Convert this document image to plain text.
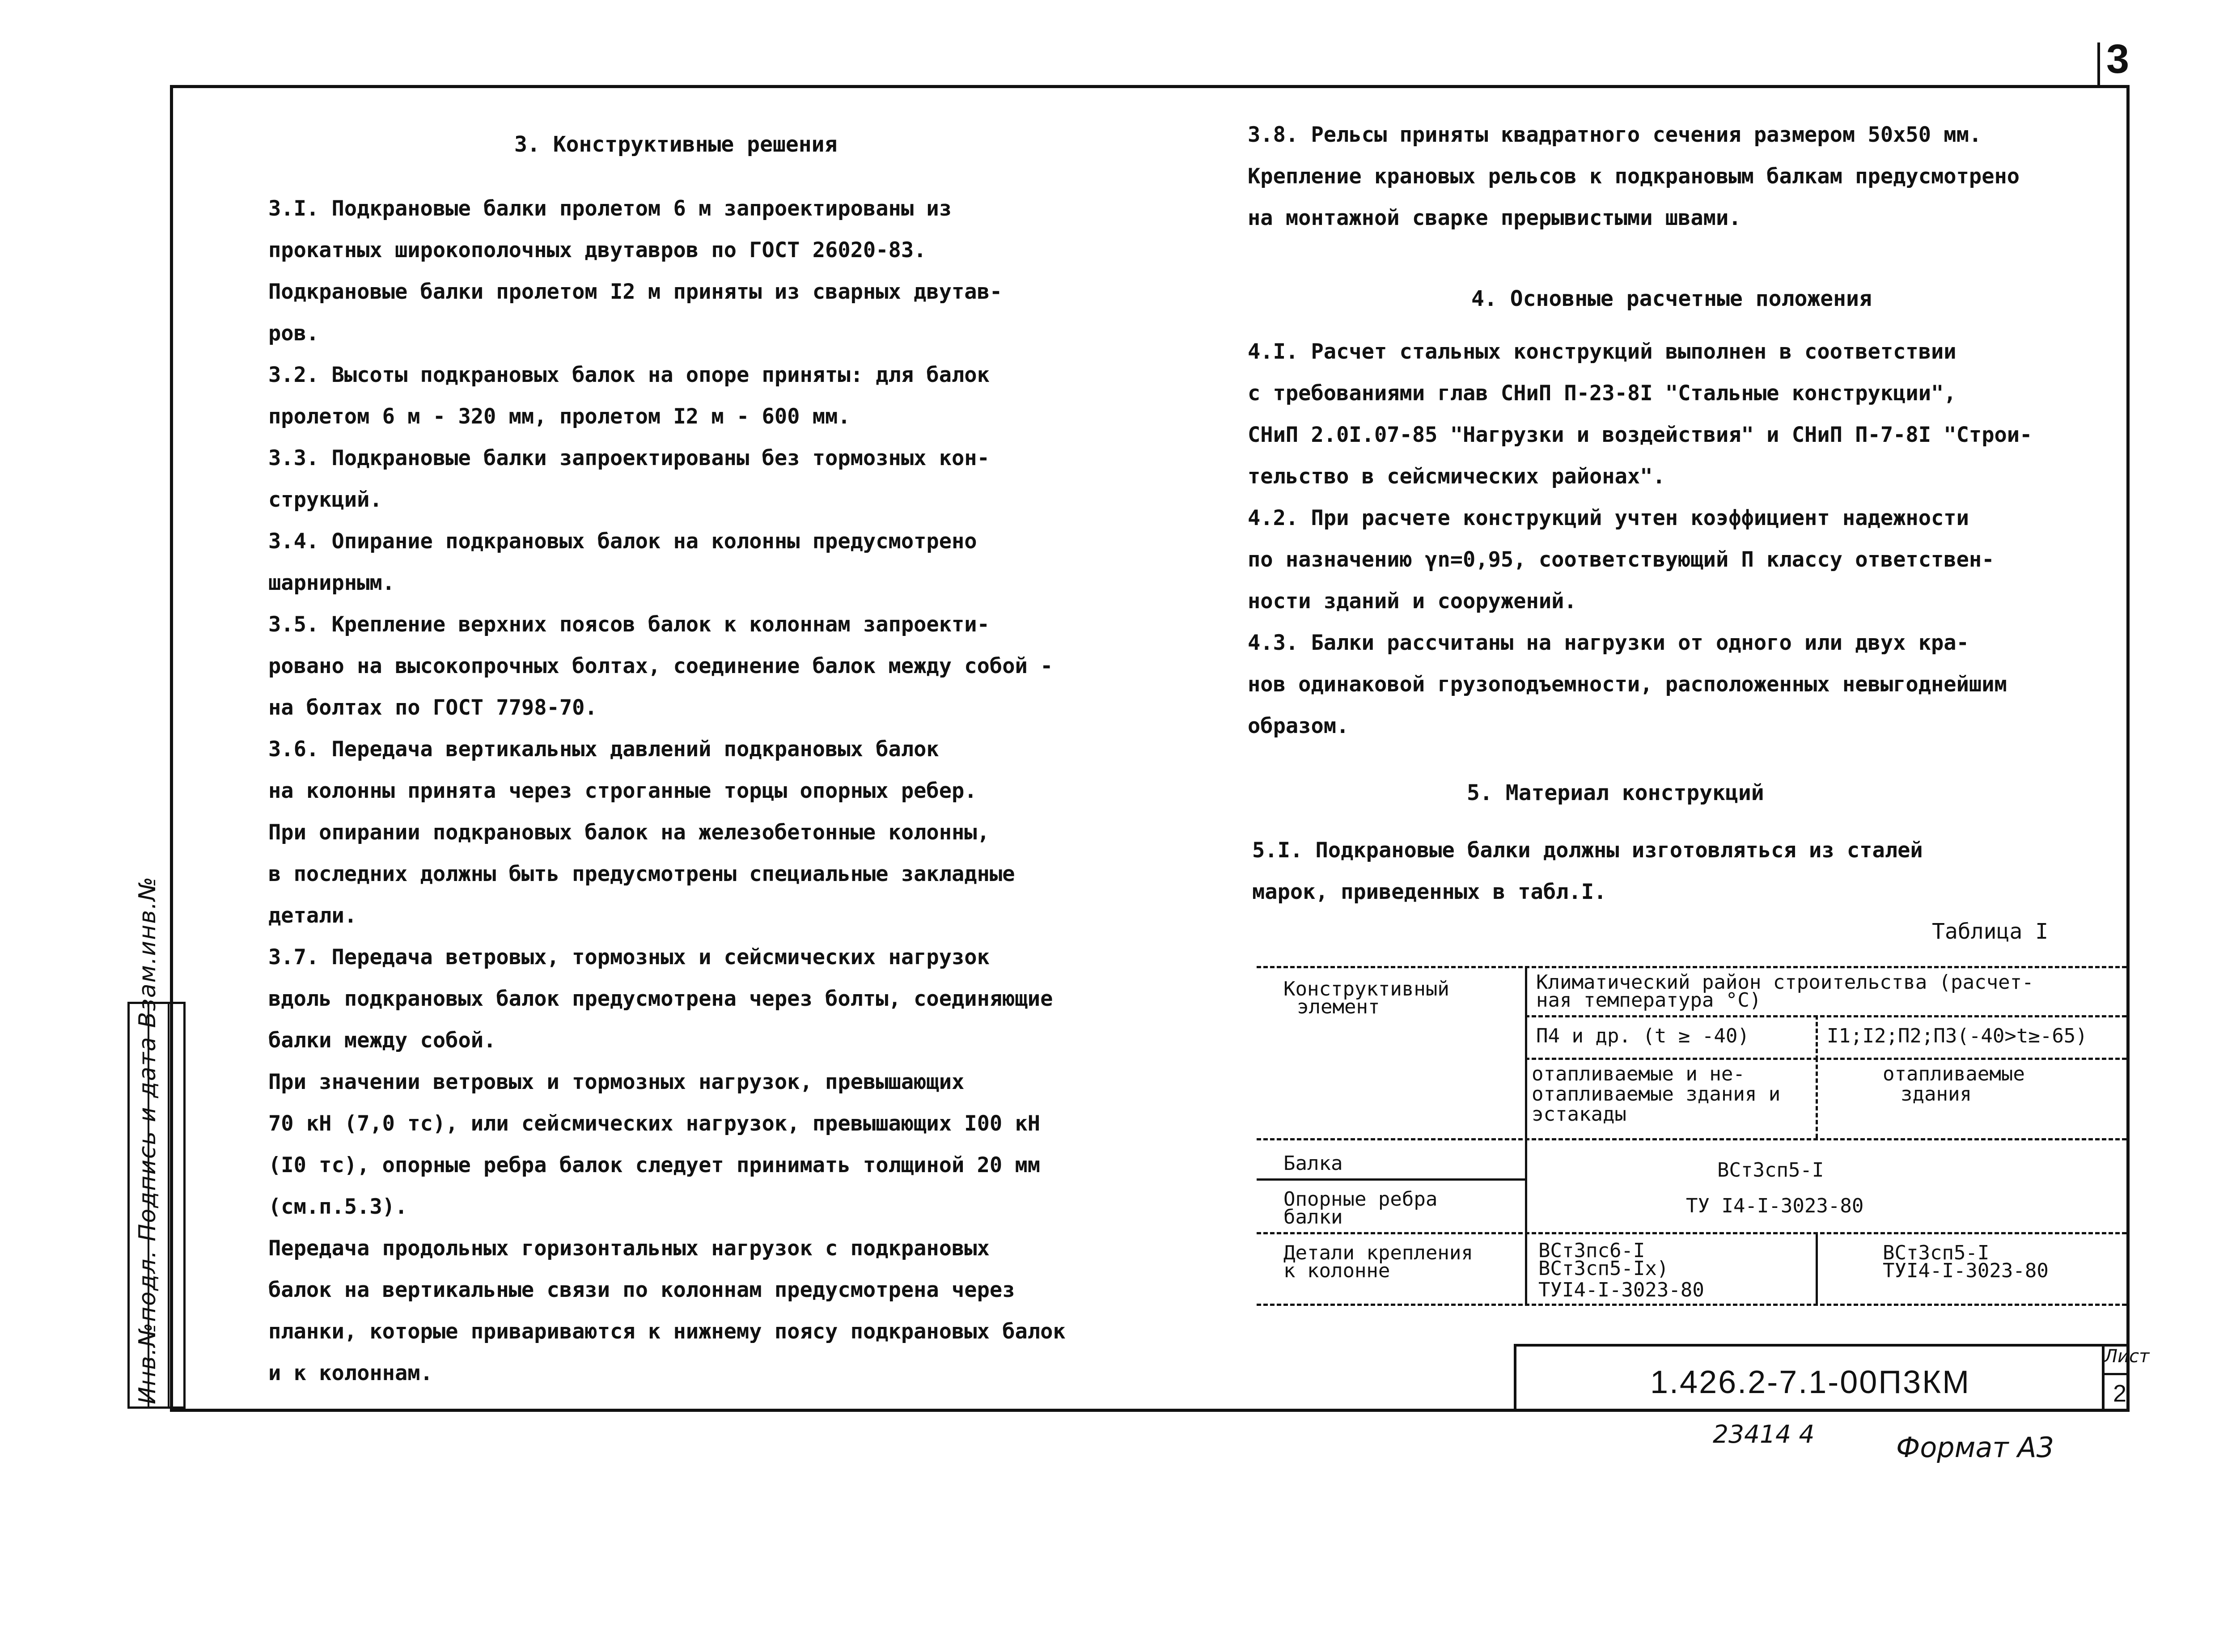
3
Инв.№подл. Подпись и дата Взам.инв.№
3. Конструктивные решения
3.I. Подкрановые балки пролетом 6 м запроектированы из
прокатных широкополочных двутавров по ГОСТ 26020-83.
Подкрановые балки пролетом I2 м приняты из сварных двутав-
ров.
3.2. Высоты подкрановых балок на опоре приняты: для балок
пролетом 6 м - 320 мм, пролетом I2 м - 600 мм.
3.3. Подкрановые балки запроектированы без тормозных кон-
струкций.
3.4. Опирание подкрановых балок на колонны предусмотрено
шарнирным.
3.5. Крепление верхних поясов балок к колоннам запроекти-
ровано на высокопрочных болтах, соединение балок между собой -
на болтах по ГОСТ 7798-70.
3.6. Передача вертикальных давлений подкрановых балок
на колонны принята через строганные торцы опорных ребер.
При опирании подкрановых балок на железобетонные колонны,
в последних должны быть предусмотрены специальные закладные
детали.
3.7. Передача ветровых, тормозных и сейсмических нагрузок
вдоль подкрановых балок предусмотрена через болты, соединяющие
балки между собой.
При значении ветровых и тормозных нагрузок, превышающих
70 кН (7,0 тс), или сейсмических нагрузок, превышающих I00 кН
(I0 тс), опорные ребра балок следует принимать толщиной 20 мм
(см.п.5.3).
Передача продольных горизонтальных нагрузок с подкрановых
балок на вертикальные связи по колоннам предусмотрена через
планки, которые привариваются к нижнему поясу подкрановых балок
и к колоннам.
3.8. Рельсы приняты квадратного сечения размером 50х50 мм.
Крепление крановых рельсов к подкрановым балкам предусмотрено
на монтажной сварке прерывистыми швами.
4. Основные расчетные положения
4.I. Расчет стальных конструкций выполнен в соответствии
с требованиями глав СНиП П-23-8I "Стальные конструкции",
СНиП 2.0I.07-85 "Нагрузки и воздействия" и СНиП П-7-8I "Строи-
тельство в сейсмических районах".
4.2. При расчете конструкций учтен коэффициент надежности
по назначению γn=0,95, соответствующий П классу ответствен-
ности зданий и сооружений.
4.3. Балки рассчитаны на нагрузки от одного или двух кра-
нов одинаковой грузоподъемности, расположенных невыгоднейшим
образом.
5. Материал конструкций
5.I. Подкрановые балки должны изготовляться из сталей
марок, приведенных в табл.I.
Таблица I
Конструктивный
элемент
Климатический район строительства (расчет-
ная температура °С)
П4 и др. (t ≥ -40)	I1;I2;П2;П3(-40>t≥-65)
отапливаемые и не-
отапливаемые здания и
эстакады
отапливаемые
здания
Балка
Опорные ребра
балки
ВСт3сп5-I
ТУ I4-I-3023-80
Детали крепления
к колонне
ВСт3пс6-I
ВСт3сп5-Iх)
ТУI4-I-3023-80
ВСт3сп5-I
ТУI4-I-3023-80
1.426.2-7.1-00П3КМ
Лист
2
23414 4	Формат А3
